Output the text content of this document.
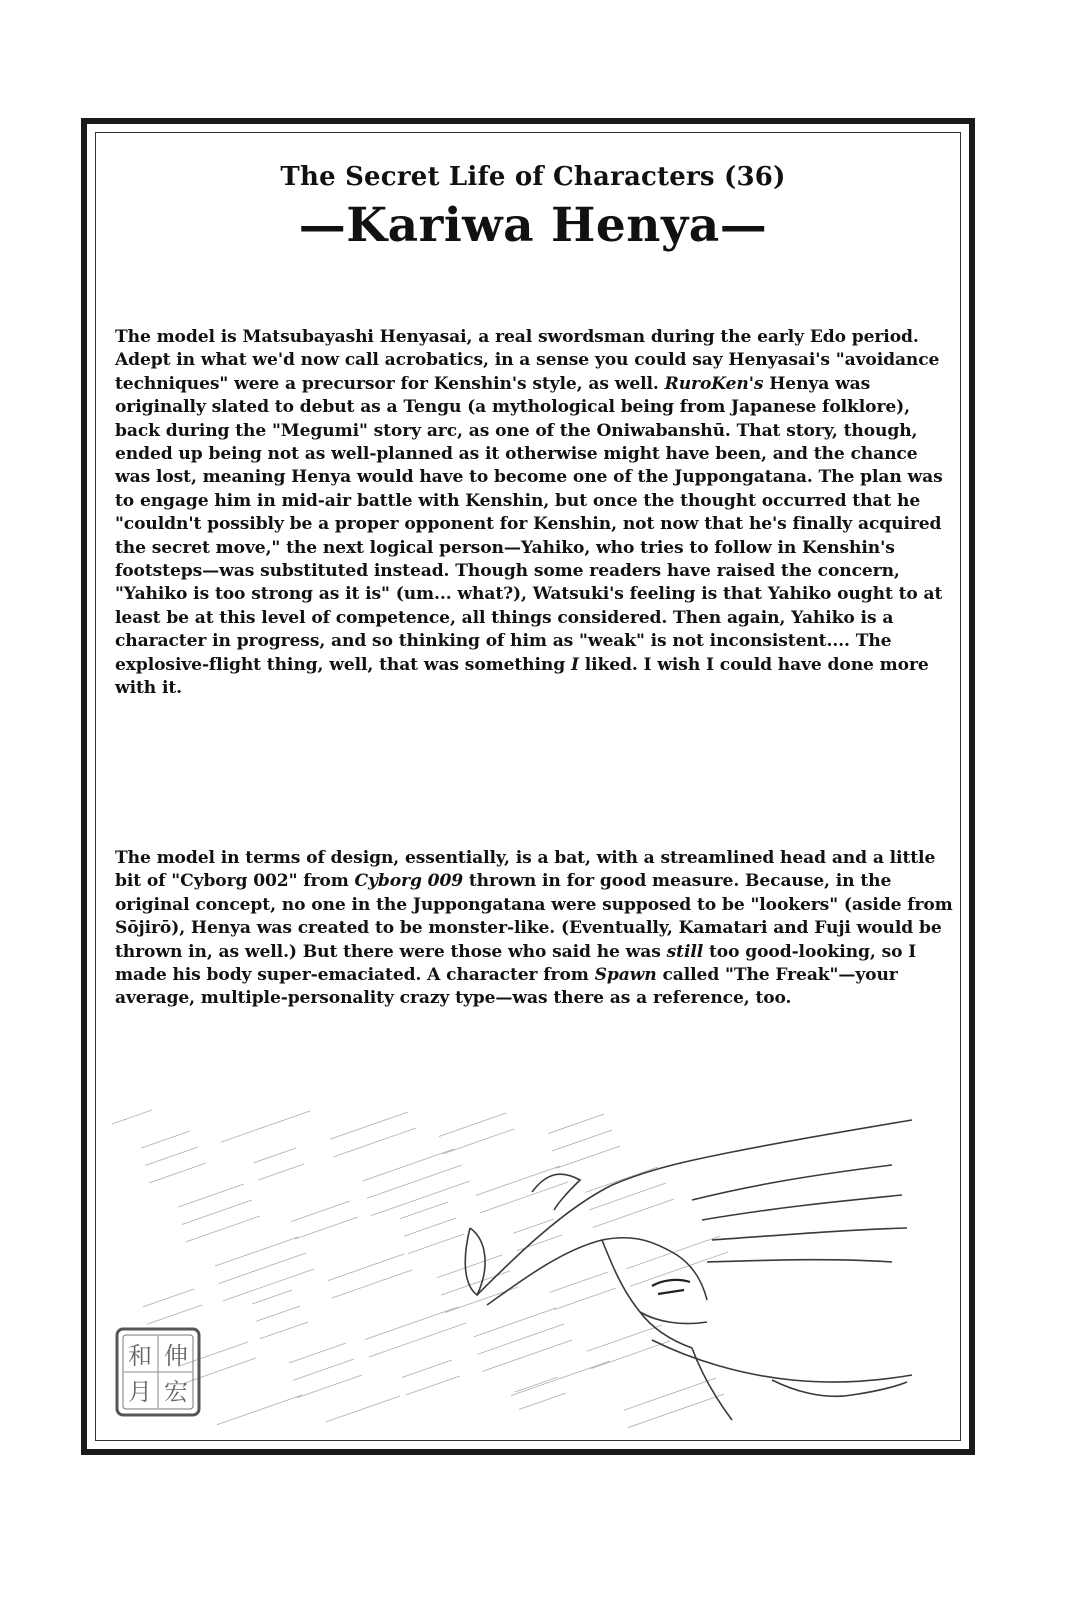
The Secret Life of Characters (36)
—Kariwa Henya—

The model is Matsubayashi Henyasai, a real swordsman during the early Edo period. Adept in what we'd now call acrobatics, in a sense you could say Henyasai's "avoidance techniques" were a precursor for Kenshin's style, as well. RuroKen's Henya was originally slated to debut as a Tengu (a mythological being from Japanese folklore), back during the "Megumi" story arc, as one of the Oniwabanshū. That story, though, ended up being not as well-planned as it otherwise might have been, and the chance was lost, meaning Henya would have to become one of the Juppongatana. The plan was to engage him in mid-air battle with Kenshin, but once the thought occurred that he "couldn't possibly be a proper opponent for Kenshin, not now that he's finally acquired the secret move," the next logical person—Yahiko, who tries to follow in Kenshin's footsteps—was substituted instead. Though some readers have raised the concern, "Yahiko is too strong as it is" (um... what?), Watsuki's feeling is that Yahiko ought to at least be at this level of competence, all things considered. Then again, Yahiko is a character in progress, and so thinking of him as "weak" is not inconsistent.... The explosive-flight thing, well, that was something I liked. I wish I could have done more with it.

The model in terms of design, essentially, is a bat, with a streamlined head and a little bit of "Cyborg 002" from Cyborg 009 thrown in for good measure. Because, in the original concept, no one in the Juppongatana were supposed to be "lookers" (aside from Sōjirō), Henya was created to be monster-like. (Eventually, Kamatari and Fuji would be thrown in, as well.) But there were those who said he was still too good-looking, so I made his body super-emaciated. A character from Spawn called "The Freak"—your average, multiple-personality crazy type—was there as a reference, too.

和 伸
月 宏
